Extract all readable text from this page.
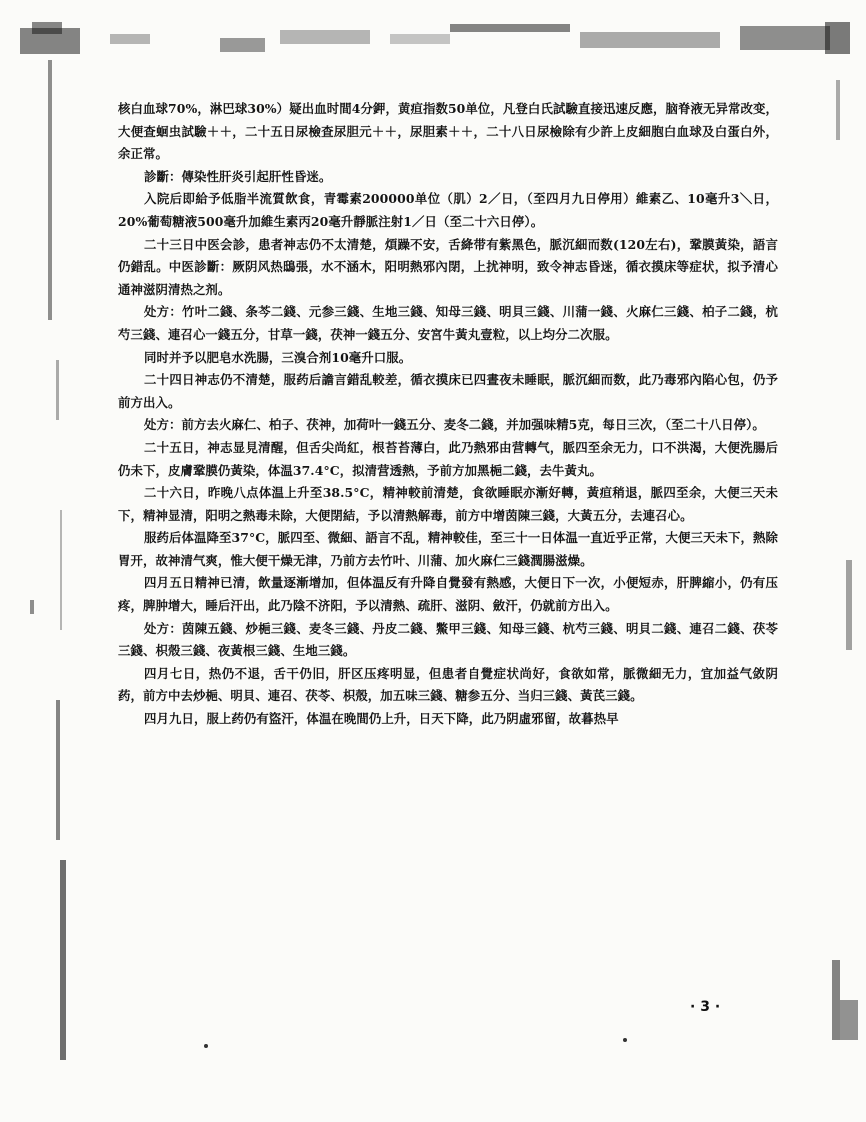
核白血球70%，淋巴球30%）疑出血时間4分鉀，黄疸指数50单位，凡登白氏試驗直接迅速反應，脑脊液无异常改变，大便查蛔虫試驗＋＋，二十五日尿檢查尿胆元＋＋，尿胆素＋＋，二十八日尿檢除有少許上皮細胞白血球及白蛋白外，余正常。

診斷：傳染性肝炎引起肝性昏迷。

入院后即給予低脂半流質飲食，青霉素200000单位（肌）2／日，（至四月九日停用）維素乙、10毫升3＼日，20%葡萄糖液500毫升加維生素丙20毫升靜脈注射1／日（至二十六日停）。

二十三日中医会診，患者神志仍不太清楚，煩躁不安，舌絳带有紫黑色，脈沉細而数(120左右)，鞏膜黃染，語言仍錯乱。中医診斷：厥阴风热鴟張，水不涵木，阳明熱邪內閉，上扰神明，致令神志昏迷，循衣摸床等症状，拟予清心通神滋阴清热之剂。

处方：竹叶二錢、条芩二錢、元参三錢、生地三錢、知母三錢、明貝三錢、川蒲一錢、火麻仁三錢、柏子二錢，杭芍三錢、連召心一錢五分，甘草一錢，茯神一錢五分、安宮牛黃丸壹粒，以上均分二次服。

同时并予以肥皂水洗腸，三溴合剂10毫升口服。

二十四日神志仍不清楚，服药后譫言錯乱較差，循衣摸床已四晝夜未睡眠，脈沉細而数，此乃毒邪內陷心包，仍予前方出入。

处方：前方去火麻仁、柏子、茯神，加荷叶一錢五分、麦冬二錢，并加强味精5克，每日三次，（至二十八日停）。

二十五日，神志显見清醒，但舌尖尚紅，根苔苔薄白，此乃熱邪由营轉气，脈四至余无力，口不洪渴，大便洗腸后仍未下，皮膚鞏膜仍黃染，体温37.4°C，拟清营透熱，予前方加黑梔二錢，去牛黃丸。

二十六日，昨晚八点体温上升至38.5°C，精神較前清楚，食欲睡眠亦漸好轉，黃疸稍退，脈四至余，大便三天未下，精神显清，阳明之熱毒未除，大便閉結，予以清熱解毒，前方中增茵陳三錢，大黃五分，去連召心。

服药后体温降至37°C，脈四至、微細、語言不乱，精神較佳，至三十一日体温一直近乎正常，大便三天未下，熱除胃开，故神清气爽，惟大便干燥无津，乃前方去竹叶、川蒲、加火麻仁三錢潤腸滋燥。

四月五日精神已清，飲量逐漸增加，但体温反有升降自覺發有熱感，大便日下一次，小便短赤，肝脾縮小，仍有压疼，脾肿增大，睡后汗出，此乃陰不济阳，予以清熱、疏肝、滋阴、斂汗，仍就前方出入。

处方：茵陳五錢、炒梔三錢、麦冬三錢、丹皮二錢、鱉甲三錢、知母三錢、杭芍三錢、明貝二錢、連召二錢、茯苓三錢、枳殼三錢、夜黃根三錢、生地三錢。

四月七日，热仍不退，舌干仍旧，肝区压疼明显，但患者自覺症状尚好，食欲如常，脈微細无力，宜加益气敛阴药，前方中去炒梔、明貝、連召、茯苓、枳殼，加五味三錢、糖参五分、当归三錢、黃芪三錢。

四月九日，服上药仍有盜汗，体温在晚間仍上升，日天下降，此乃阴虛邪留，故暮热早

· 3 ·
